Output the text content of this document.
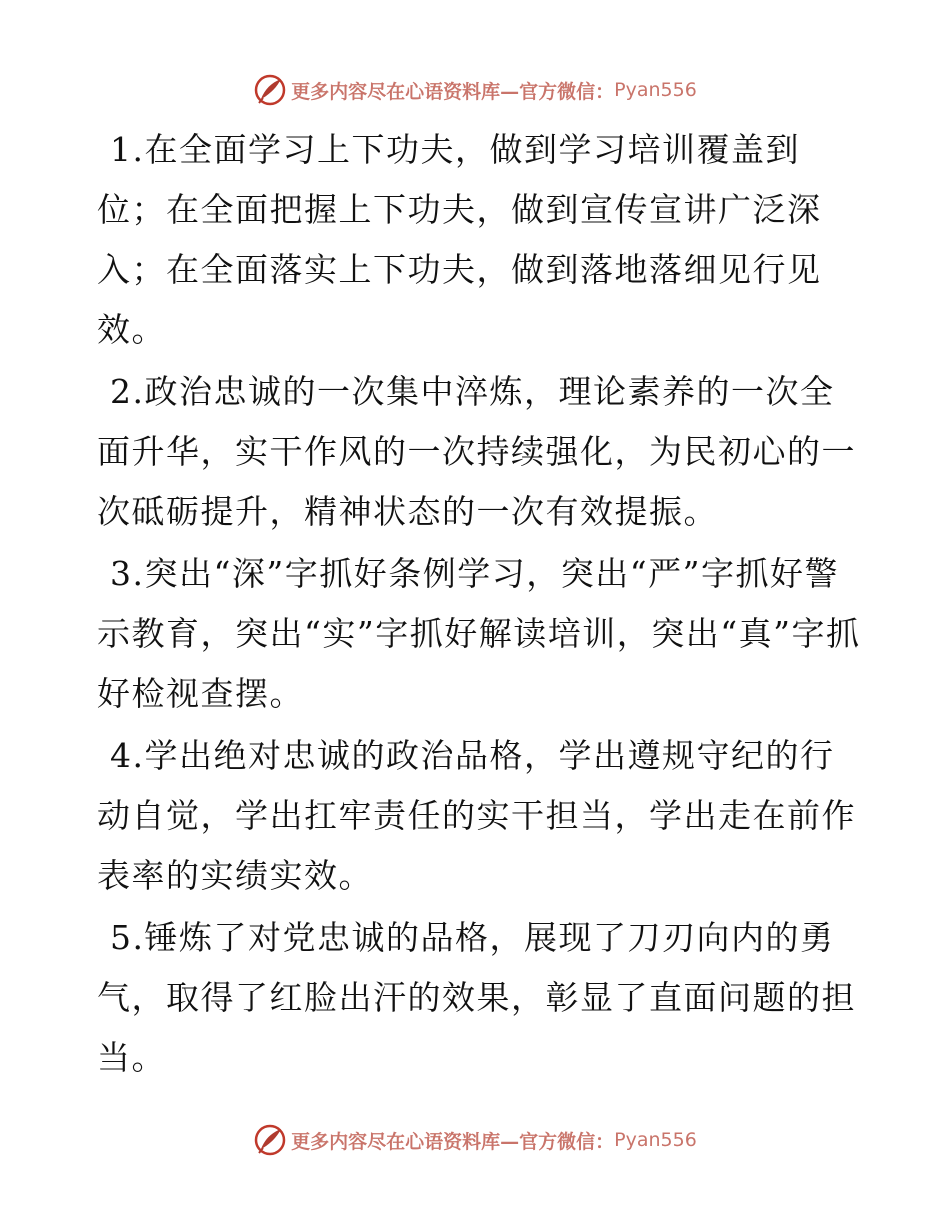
更多内容尽在心语资料库—官方微信： Pyan556

1.在全面学习上下功夫，做到学习培训覆盖到位；在全面把握上下功夫，做到宣传宣讲广泛深入；在全面落实上下功夫，做到落地落细见行见效。

2.政治忠诚的一次集中淬炼，理论素养的一次全面升华，实干作风的一次持续强化，为民初心的一次砥砺提升，精神状态的一次有效提振。

3.突出“深”字抓好条例学习，突出“严”字抓好警示教育，突出“实”字抓好解读培训，突出“真”字抓好检视查摆。

4.学出绝对忠诚的政治品格，学出遵规守纪的行动自觉，学出扛牢责任的实干担当，学出走在前作表率的实绩实效。

5.锤炼了对党忠诚的品格，展现了刀刃向内的勇气，取得了红脸出汗的效果，彰显了直面问题的担当。

更多内容尽在心语资料库—官方微信： Pyan556
